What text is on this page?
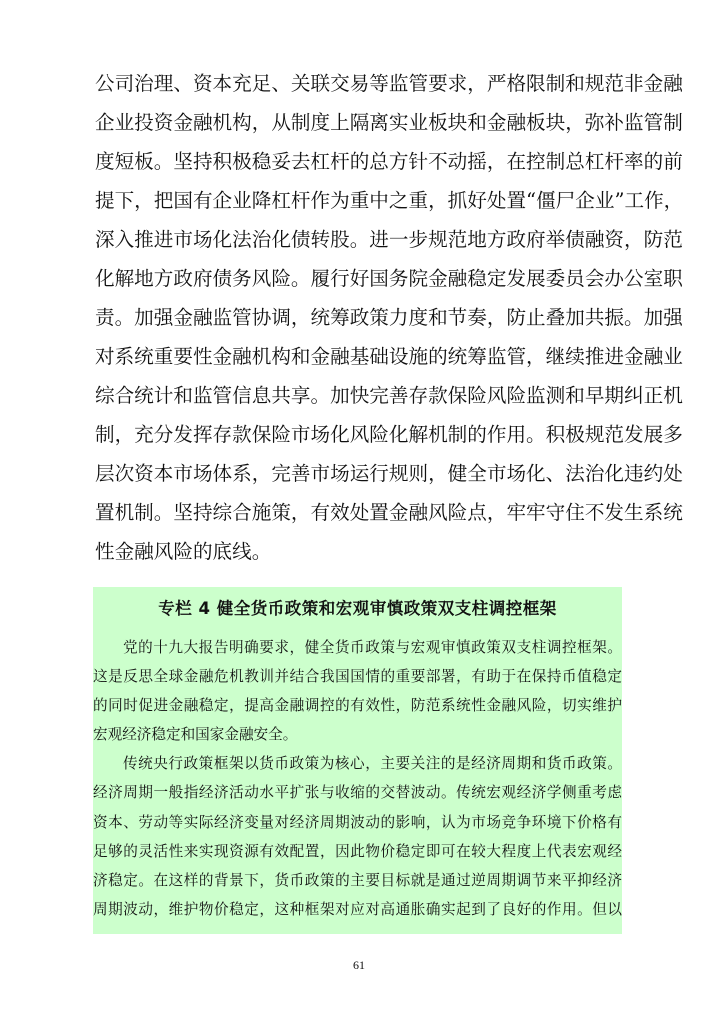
公司治理、资本充足、关联交易等监管要求，严格限制和规范非金融

企业投资金融机构，从制度上隔离实业板块和金融板块，弥补监管制

度短板。坚持积极稳妥去杠杆的总方针不动摇，在控制总杠杆率的前

提下，把国有企业降杠杆作为重中之重，抓好处置“僵尸企业”工作，

深入推进市场化法治化债转股。进一步规范地方政府举债融资，防范

化解地方政府债务风险。履行好国务院金融稳定发展委员会办公室职

责。加强金融监管协调，统筹政策力度和节奏，防止叠加共振。加强

对系统重要性金融机构和金融基础设施的统筹监管，继续推进金融业

综合统计和监管信息共享。加快完善存款保险风险监测和早期纠正机

制，充分发挥存款保险市场化风险化解机制的作用。积极规范发展多

层次资本市场体系，完善市场运行规则，健全市场化、法治化违约处

置机制。坚持综合施策，有效处置金融风险点，牢牢守住不发生系统

性金融风险的底线。

专栏 4 健全货币政策和宏观审慎政策双支柱调控框架

党的十九大报告明确要求，健全货币政策与宏观审慎政策双支柱调控框架。

这是反思全球金融危机教训并结合我国国情的重要部署，有助于在保持币值稳定

的同时促进金融稳定，提高金融调控的有效性，防范系统性金融风险，切实维护

宏观经济稳定和国家金融安全。

传统央行政策框架以货币政策为核心，主要关注的是经济周期和货币政策。

经济周期一般指经济活动水平扩张与收缩的交替波动。传统宏观经济学侧重考虑

资本、劳动等实际经济变量对经济周期波动的影响，认为市场竞争环境下价格有

足够的灵活性来实现资源有效配置，因此物价稳定即可在较大程度上代表宏观经

济稳定。在这样的背景下，货币政策的主要目标就是通过逆周期调节来平抑经济

周期波动，维护物价稳定，这种框架对应对高通胀确实起到了良好的作用。但以

61
